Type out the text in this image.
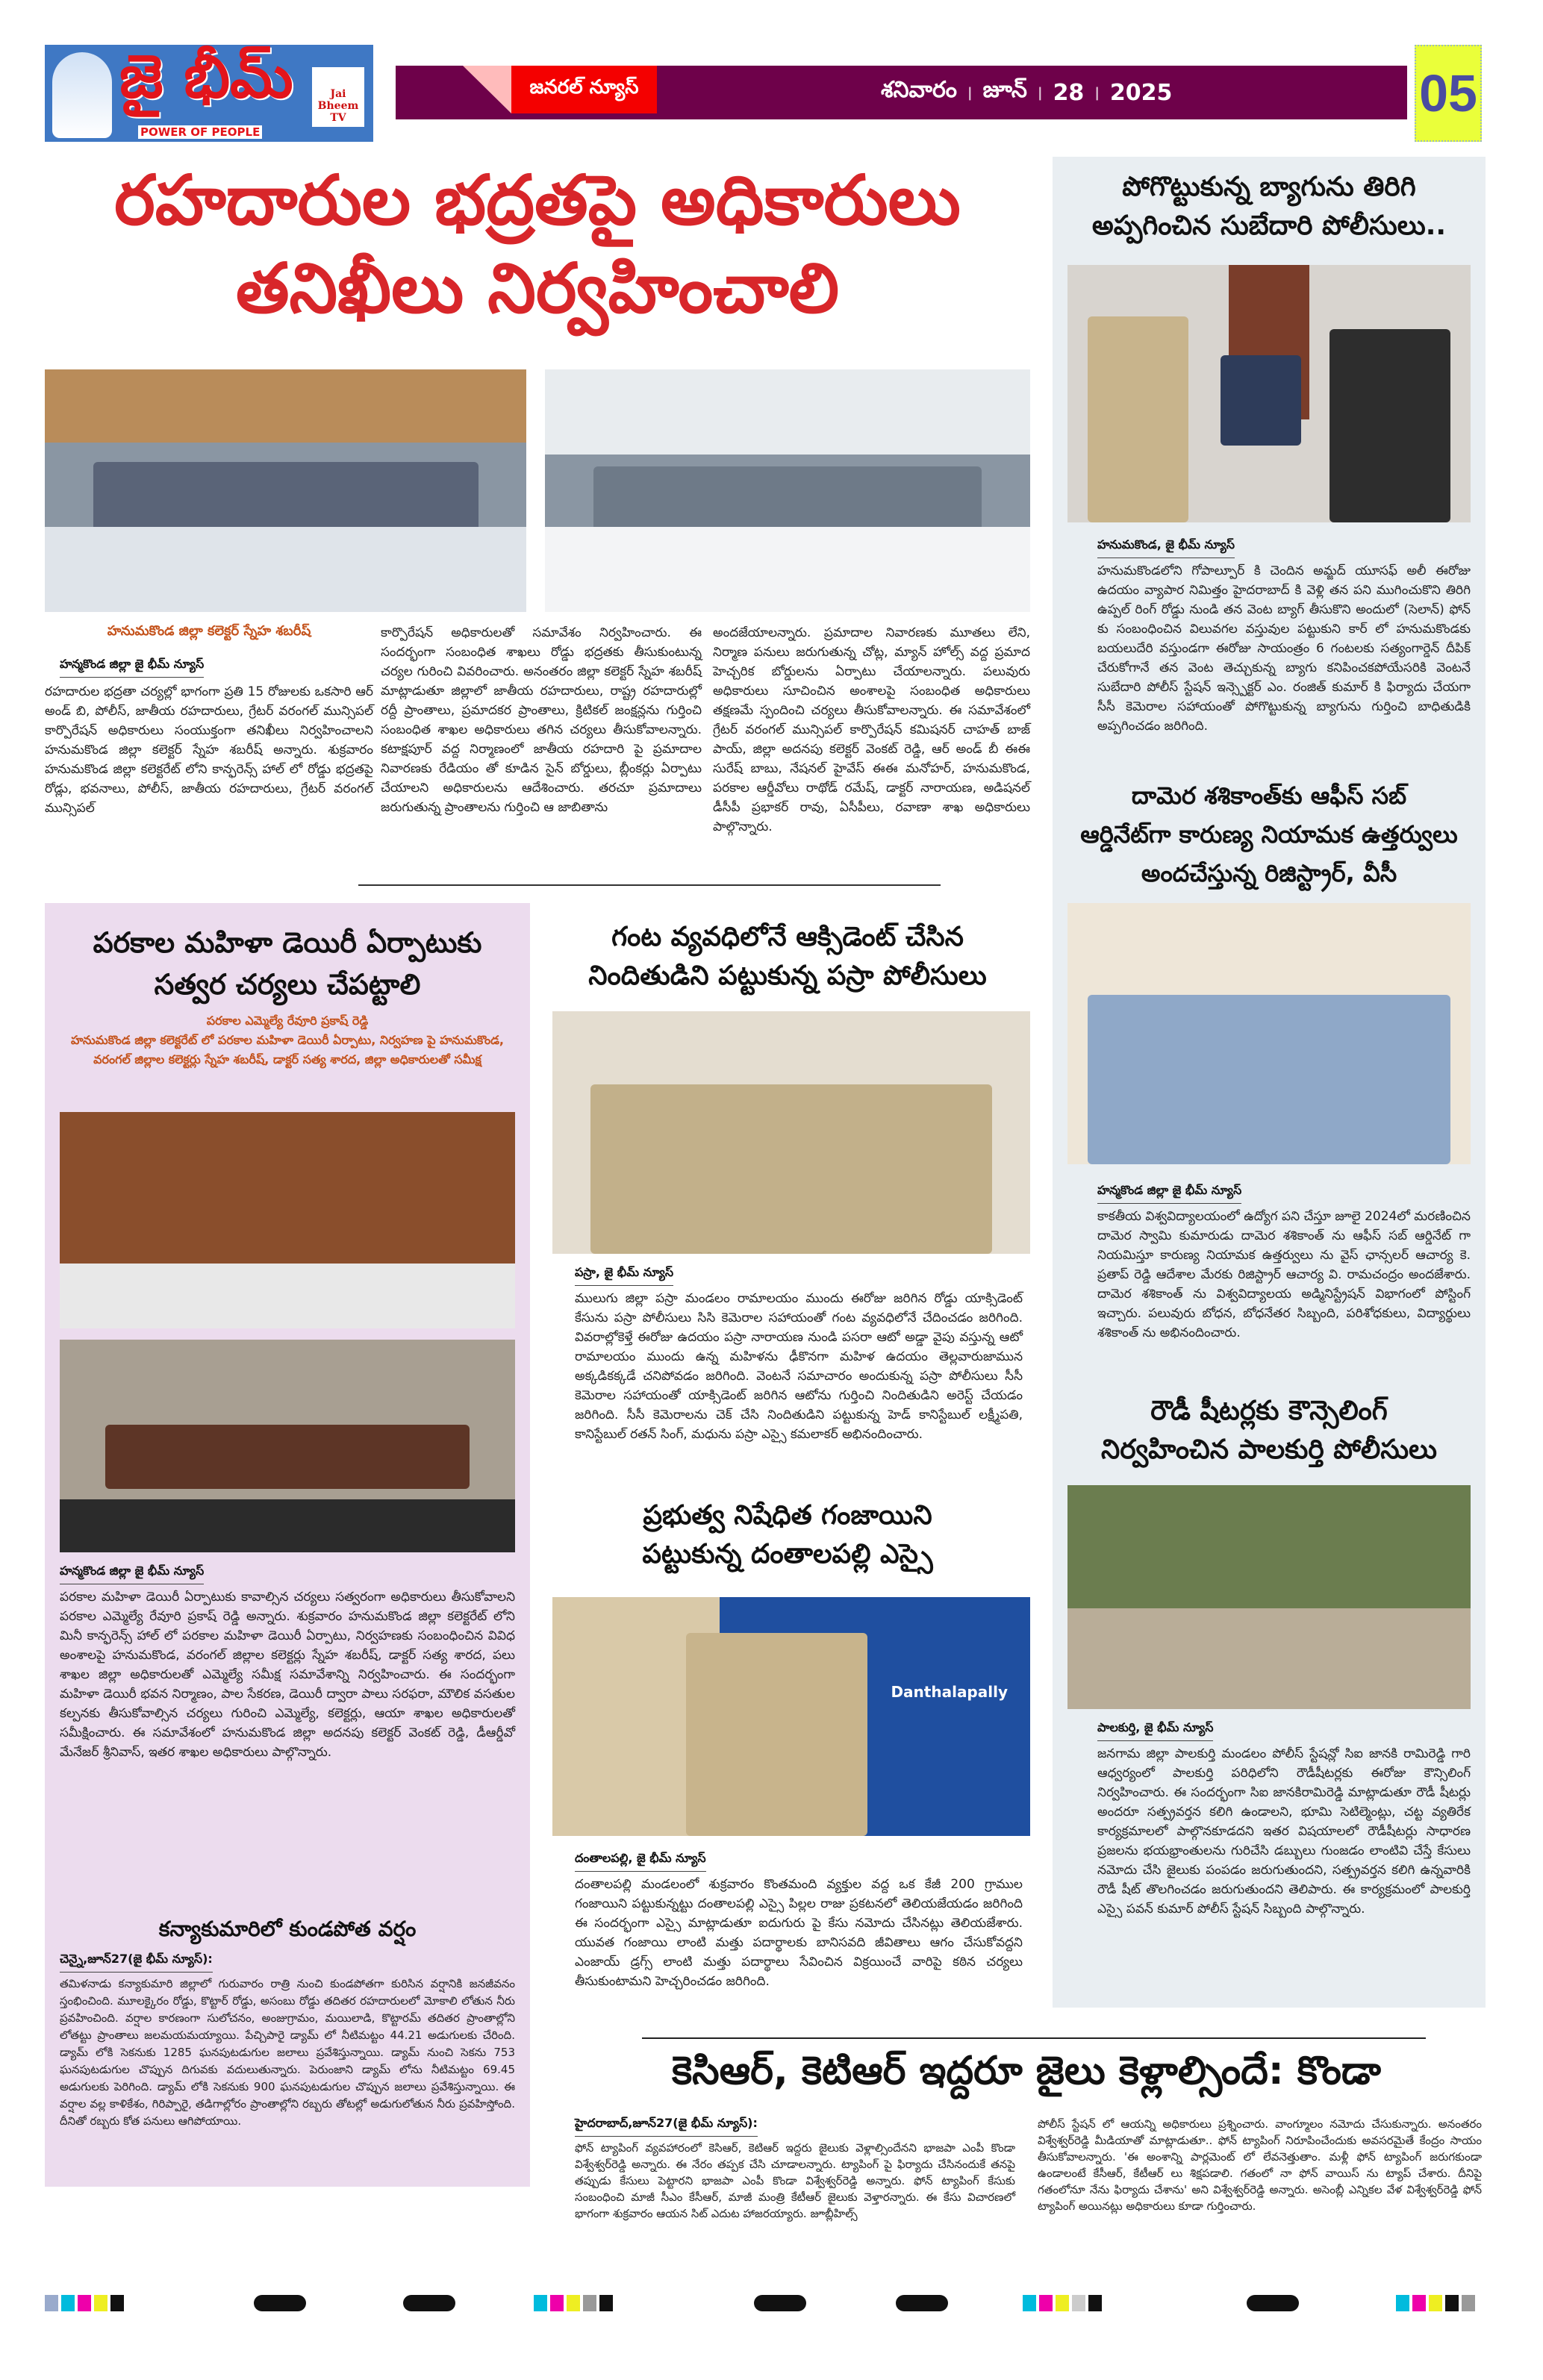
జై భీమ్
POWER OF PEOPLE
Jai Bheem TV
జనరల్ న్యూస్	శనివారం | జూన్ | 28 | 2025	05
రహదారుల భద్రతపై అధికారులు
తనిఖీలు నిర్వహించాలి
హనుమకొండ జిల్లా కలెక్టర్ స్నేహ శబరీష్
హన్మకొండ జిల్లా జై భీమ్ న్యూస్
రహదారుల భద్రతా చర్యల్లో భాగంగా ప్రతి 15 రోజులకు ఒకసారి ఆర్ అండ్ బి, పోలీస్, జాతీయ రహదారులు, గ్రేటర్ వరంగల్ మున్సిపల్ కార్పొరేషన్ అధికారులు సంయుక్తంగా తనిఖీలు నిర్వహించాలని హనుమకొండ జిల్లా కలెక్టర్ స్నేహ శబరీష్ అన్నారు. శుక్రవారం హనుమకొండ జిల్లా కలెక్టరేట్ లోని కాన్ఫరెన్స్ హాల్ లో రోడ్డు భద్రతపై రోడ్లు, భవనాలు, పోలీస్, జాతీయ రహదారులు, గ్రేటర్ వరంగల్ మున్సిపల్
కార్పొరేషన్ అధికారులతో సమావేశం నిర్వహించారు. ఈ సందర్భంగా సంబంధిత శాఖలు రోడ్డు భద్రతకు తీసుకుంటున్న చర్యల గురించి వివరించారు. అనంతరం జిల్లా కలెక్టర్ స్నేహ శబరీష్ మాట్లాడుతూ జిల్లాలో జాతీయ రహదారులు, రాష్ట్ర రహదారుల్లో రద్దీ ప్రాంతాలు, ప్రమాదకర ప్రాంతాలు, క్రిటికల్ జంక్షన్లను గుర్తించి సంబంధిత శాఖల అధికారులు తగిన చర్యలు తీసుకోవాలన్నారు. కటాక్షపూర్ వద్ద నిర్మాణంలో జాతీయ రహదారి పై ప్రమాదాల నివారణకు రేడియం తో కూడిన సైన్ బోర్డులు, బ్లీంకర్లు ఏర్పాటు చేయాలని అధికారులను ఆదేశించారు. తరచూ ప్రమాదాలు జరుగుతున్న ప్రాంతాలను గుర్తించి ఆ జాబితాను
అందజేయాలన్నారు. ప్రమాదాల నివారణకు మూతలు లేని, నిర్మాణ పనులు జరుగుతున్న చోట్ల, మ్యాన్ హోల్స్ వద్ద ప్రమాద హెచ్చరిక బోర్డులను ఏర్పాటు చేయాలన్నారు. పలువురు అధికారులు సూచించిన అంశాలపై సంబంధిత అధికారులు తక్షణమే స్పందించి చర్యలు తీసుకోవాలన్నారు. ఈ సమావేశంలో గ్రేటర్ వరంగల్ మున్సిపల్ కార్పొరేషన్ కమిషనర్ చాహత్ బాజ్ పాయ్, జిల్లా అదనపు కలెక్టర్ వెంకట్ రెడ్డి, ఆర్ అండ్ బీ ఈఈ సురేష్ బాబు, నేషనల్ హైవేస్ ఈఈ మనోహర్, హనుమకొండ, పరకాల ఆర్డీవోలు రాథోడ్ రమేష్, డాక్టర్ నారాయణ, అడిషనల్ డీసీపీ ప్రభాకర్ రావు, ఏసీపీలు, రవాణా శాఖ అధికారులు పాల్గొన్నారు.
పోగొట్టుకున్న బ్యాగును తిరిగి
అప్పగించిన సుబేదారి పోలీసులు..
హనుమకొండ, జై భీమ్ న్యూస్
హనుమకొండలోని గోపాల్పూర్ కి చెందిన అమ్జద్ యూసఫ్ అలీ ఈరోజు ఉదయం వ్యాపార నిమిత్తం హైదరాబాద్ కి వెళ్లి తన పని ముగించుకొని తిరిగి ఉప్పల్ రింగ్ రోడ్డు నుండి తన వెంట బ్యాగ్ తీసుకొని అందులో (సెలాన్) ఫోన్ కు సంబంధించిన విలువగల వస్తువుల పట్టుకుని కార్ లో హనుమకొండకు బయలుదేరి వస్తుండగా ఈరోజు సాయంత్రం 6 గంటలకు సత్యంగార్డెన్ దీపిక్ చేరుకోగానే తన వెంట తెచ్చుకున్న బ్యాగు కనిపించకపోయేసరికి వెంటనే సుబేదారి పోలీస్ స్టేషన్ ఇన్స్పెక్టర్ ఎం. రంజిత్ కుమార్ కి ఫిర్యాదు చేయగా సీసీ కెమెరాల సహాయంతో పోగొట్టుకున్న బ్యాగును గుర్తించి బాధితుడికి అప్పగించడం జరిగింది.
దామెర శశికాంత్‌కు ఆఫీస్ సబ్
ఆర్డినేట్‌గా కారుణ్య నియామక ఉత్తర్వులు
అందచేస్తున్న రిజిస్ట్రార్, వీసీ
హన్మకొండ జిల్లా జై భీమ్ న్యూస్
కాకతీయ విశ్వవిద్యాలయంలో ఉద్యోగ పని చేస్తూ జూలై 2024లో మరణించిన దామెర స్వామి కుమారుడు దామెర శశికాంత్ ను ఆఫీస్ సబ్ ఆర్డినేట్ గా నియమిస్తూ కారుణ్య నియామక ఉత్తర్వులు ను వైస్ ఛాన్సలర్ ఆచార్య కె. ప్రతాప్ రెడ్డి ఆదేశాల మేరకు రిజిస్ట్రార్ ఆచార్య వి. రామచంద్రం అందజేశారు. దామెర శశికాంత్ ను విశ్వవిద్యాలయ అడ్మినిస్ట్రేషన్ విభాగంలో పోస్టింగ్ ఇచ్చారు. పలువురు బోధన, బోధనేతర సిబ్బంది, పరిశోధకులు, విద్యార్థులు శశికాంత్ ను అభినందించారు.
రౌడీ షీటర్లకు కౌన్సెలింగ్
నిర్వహించిన పాలకుర్తి పోలీసులు
పాలకుర్తి, జై భీమ్ న్యూస్
జనగామ జిల్లా పాలకుర్తి మండలం పోలీస్ స్టేషన్లో సిఐ జానకి రామిరెడ్డి గారి ఆధ్వర్యంలో పాలకుర్తి పరిధిలోని రౌడీషీటర్లకు ఈరోజు కౌన్సిలింగ్ నిర్వహించారు. ఈ సందర్భంగా సిఐ జానకిరామిరెడ్డి మాట్లాడుతూ రౌడీ షీటర్లు అందరూ సత్ప్రవర్తన కలిగి ఉండాలని, భూమి సెటిల్మెంట్లు, చట్ట వ్యతిరేక కార్యక్రమాలలో పాల్గొనకూడదని ఇతర విషయాలలో రౌడీషీటర్లు సాధారణ ప్రజలను భయభ్రాంతులను గురిచేసి డబ్బులు గుంజడం లాంటివి చేస్తే కేసులు నమోదు చేసి జైలుకు పంపడం జరుగుతుందని, సత్ప్రవర్తన కలిగి ఉన్నవారికి రౌడీ షీట్ తొలగించడం జరుగుతుందని తెలిపారు. ఈ కార్యక్రమంలో పాలకుర్తి ఎస్సై పవన్ కుమార్ పోలీస్ స్టేషన్ సిబ్బంది పాల్గొన్నారు.
పరకాల మహిళా డెయిరీ ఏర్పాటుకు
సత్వర చర్యలు చేపట్టాలి
పరకాల ఎమ్మెల్యే రేవూరి ప్రకాష్ రెడ్డి
హనుమకొండ జిల్లా కలెక్టరేట్ లో పరకాల మహిళా డెయిరీ ఏర్పాటు, నిర్వహణ పై హనుమకొండ, వరంగల్ జిల్లాల కలెక్టర్లు స్నేహ శబరీష్, డాక్టర్ సత్య శారద, జిల్లా అధికారులతో సమీక్ష
హన్మకొండ జిల్లా జై భీమ్ న్యూస్
పరకాల మహిళా డెయిరీ ఏర్పాటుకు కావాల్సిన చర్యలు సత్వరంగా అధికారులు తీసుకోవాలని పరకాల ఎమ్మెల్యే రేవూరి ప్రకాష్ రెడ్డి అన్నారు. శుక్రవారం హనుమకొండ జిల్లా కలెక్టరేట్ లోని మినీ కాన్ఫరెన్స్ హాల్ లో పరకాల మహిళా డెయిరీ ఏర్పాటు, నిర్వహణకు సంబంధించిన వివిధ అంశాలపై హనుమకొండ, వరంగల్ జిల్లాల కలెక్టర్లు స్నేహ శబరీష్, డాక్టర్ సత్య శారద, పలు శాఖల జిల్లా అధికారులతో ఎమ్మెల్యే సమీక్ష సమావేశాన్ని నిర్వహించారు. ఈ సందర్భంగా మహిళా డెయిరీ భవన నిర్మాణం, పాల సేకరణ, డెయిరీ ద్వారా పాలు సరఫరా, మౌలిక వసతుల కల్పనకు తీసుకోవాల్సిన చర్యలు గురించి ఎమ్మెల్యే, కలెక్టర్లు, ఆయా శాఖల అధికారులతో సమీక్షించారు. ఈ సమావేశంలో హనుమకొండ జిల్లా అదనపు కలెక్టర్ వెంకట్ రెడ్డి, డీఆర్డీవో మేనేజర్ శ్రీనివాస్, ఇతర శాఖల అధికారులు పాల్గొన్నారు.
కన్యాకుమారిలో కుండపోత వర్షం
చెన్నై,జూన్27(జై భీమ్ న్యూస్):
తమిళనాడు కన్యాకుమారి జిల్లాలో గురువారం రాత్రి నుంచి కుండపోతగా కురిసిన వర్షానికి జనజీవనం స్తంభించింది. మూలక్కైరం రోడ్డు, కొట్టార్ రోడ్డు, అసంబు రోడ్డు తదితర రహదారులలో మోకాలి లోతున నీరు ప్రవహించింది. వర్షాల కారణంగా సులోచనం, అంజుగ్రామం, మయిలాడి, కొట్టారమ్ తదితర ప్రాంతాల్లోని లోతట్టు ప్రాంతాలు జలమయమయ్యాయి. పేచ్చిపారై డ్యామ్ లో నీటిమట్టం 44.21 అడుగులకు చేరింది. డ్యామ్ లోకి సెకనుకు 1285 ఘనపుటడుగుల జలాలు ప్రవేశిస్తున్నాయి. డ్యామ్ నుంచి సెకను 753 ఘనపుటడుగుల చొప్పున దిగువకు వదులుతున్నారు. పెరుంజాని డ్యామ్ లోను నీటిమట్టం 69.45 అడుగులకు పెరిగింది. డ్యామ్ లోకి సెకనుకు 900 ఘనపుటడుగుల చొప్పున జలాలు ప్రవేశిస్తున్నాయి. ఈ వర్షాల వల్ల కాళికేశం, గిరిప్పారై, తడిగాల్లోరం ప్రాంతాల్లోని రబ్బరు తోటల్లో అడుగులోతున నీరు ప్రవహిస్తోంది. దీనితో రబ్బరు కోత పనులు ఆగిపోయాయి.
గంట వ్యవధిలోనే ఆక్సిడెంట్ చేసిన
నిందితుడిని పట్టుకున్న పస్రా పోలీసులు
పస్రా, జై భీమ్ న్యూస్
ములుగు జిల్లా పస్రా మండలం రామాలయం ముందు ఈరోజు జరిగిన రోడ్డు యాక్సిడెంట్ కేసును పస్రా పోలీసులు సిసి కెమెరాల సహాయంతో గంట వ్యవధిలోనే చేదించడం జరిగింది. వివరాల్లోకెళ్తే ఈరోజు ఉదయం పస్రా నారాయణ నుండి పసరా ఆటో అడ్డా వైపు వస్తున్న ఆటో రామాలయం ముందు ఉన్న మహిళను ఢీకొనగా మహిళ ఉదయం తెల్లవారుజామున అక్కడికక్కడే చనిపోవడం జరిగింది. వెంటనే సమాచారం అందుకున్న పస్రా పోలీసులు సీసీ కెమెరాల సహాయంతో యాక్సిడెంట్ జరిగిన ఆటోను గుర్తించి నిందితుడిని అరెస్ట్ చేయడం జరిగింది. సీసీ కెమెరాలను చెక్ చేసి నిందితుడిని పట్టుకున్న హెడ్ కానిస్టేబుల్ లక్ష్మీపతి, కానిస్టేబుల్ రతన్ సింగ్, మధును పస్రా ఎస్సై కమలాకర్ అభినందించారు.
ప్రభుత్వ నిషేధిత గంజాయిని
పట్టుకున్న దంతాలపల్లి ఎస్సై
Danthalapally
దంతాలపల్లి, జై భీమ్ న్యూస్
దంతాలపల్లి మండలంలో శుక్రవారం కొంతమంది వ్యక్తుల వద్ద ఒక కేజీ 200 గ్రాముల గంజాయిని పట్టుకున్నట్టు దంతాలపల్లి ఎస్సై పిల్లల రాజు ప్రకటనలో తెలియజేయడం జరిగింది ఈ సందర్భంగా ఎస్సై మాట్లాడుతూ ఐదుగురు పై కేసు నమోదు చేసినట్లు తెలియజేశారు. యువత గంజాయి లాంటి మత్తు పదార్థాలకు బానిసవది జీవితాలు ఆగం చేసుకోవద్దని ఎంజాయ్ డ్రగ్స్ లాంటి మత్తు పదార్థాలు సేవించిన విక్రయించే వారిపై కఠిన చర్యలు తీసుకుంటామని హెచ్చరించడం జరిగింది.
కెసిఆర్, కెటిఆర్ ఇద్దరూ జైలు కెళ్లాల్సిందే: కొండా
హైదరాబాద్,జూన్27(జై భీమ్ న్యూస్):
ఫోన్ ట్యాపింగ్ వ్యవహారంలో కెసిఆర్, కెటిఆర్ ఇద్దరు జైలుకు వెళ్లాల్సిందేనని భాజపా ఎంపీ కొండా విశ్వేశ్వర్‌రెడ్డి అన్నారు. ఈ నేరం తప్పక చేసి చూడాలన్నారు. ట్యాపింగ్ పై ఫిర్యాదు చేసినందుకే తనపై తప్పుడు కేసులు పెట్టారని భాజపా ఎంపీ కొండా విశ్వేశ్వర్‌రెడ్డి అన్నారు. ఫోన్ ట్యాపింగ్ కేసుకు సంబంధించి మాజీ సీఎం కేసీఆర్, మాజీ మంత్రి కేటీఆర్ జైలుకు వెళ్తారన్నారు. ఈ కేసు విచారణలో భాగంగా శుక్రవారం ఆయన సిట్ ఎదుట హాజరయ్యారు. జూబ్లీహిల్స్
పోలీస్ స్టేషన్ లో ఆయన్ని అధికారులు ప్రశ్నించారు. వాంగ్మూలం నమోదు చేసుకున్నారు. అనంతరం విశ్వేశ్వర్‌రెడ్డి మీడియాతో మాట్లాడుతూ.. ఫోన్ ట్యాపింగ్ నిరూపించేందుకు అవసరమైతే కేంద్రం సాయం తీసుకోవాలన్నారు. 'ఈ అంశాన్ని పార్లమెంట్ లో లేవనెత్తుతాం. మళ్లీ ఫోన్ ట్యాపింగ్ జరుగకుండా ఉండాలంటే కేసీఆర్, కేటీఆర్ లు శిక్షపడాలి. గతంలో నా ఫోన్ వాయిస్ ను ట్యాప్ చేశారు. దీనిపై గతంలోనూ నేను ఫిర్యాదు చేశాను' అని విశ్వేశ్వర్‌రెడ్డి అన్నారు. అసెంబ్లీ ఎన్నికల వేళ విశ్వేశ్వర్‌రెడ్డి ఫోన్ ట్యాపింగ్ అయినట్లు అధికారులు కూడా గుర్తించారు.
